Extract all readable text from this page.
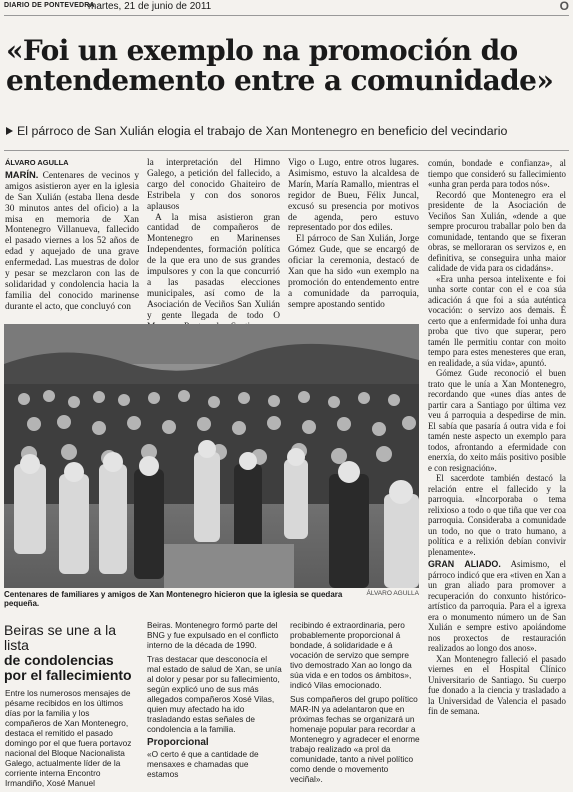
DIARIO DE PONTEVEDRA
martes, 21 de junio de 2011	O
«Foi un exemplo na promoción do entendemento entre a comunidade»
El párroco de San Xulián elogia el trabajo de Xan Montenegro en beneficio del vecindario
ÁLVARO AGULLA

MARÍN. Centenares de vecinos y amigos asistieron ayer en la iglesia de San Xulián (estaba llena desde 30 minutos antes del oficio) a la misa en memoria de Xan Montenegro Villanueva, fallecido el pasado viernes a los 52 años de edad y aquejado de una grave enfermedad. Las muestras de dolor y pesar se mezclaron con las de solidaridad y condolencia hacia la familia del conocido marinense durante el acto, que concluyó con

la interpretación del Himno Galego, a petición del fallecido, a cargo del conocido Ghaiteiro de Estribela y con dos sonoros aplausos

A la misa asistieron gran cantidad de compañeros de Montenegro en Marinenses Independentes, formación política de la que era uno de sus grandes impulsores y con la que concurrió a las pasadas elecciones municipales, así como de la Asociación de Veciños San Xulián y gente llegada de todo O

Vigo o Lugo, entre otros lugares. Asimismo, estuvo la alcaldesa de Marín, María Ramallo, mientras el regidor de Bueu, Félix Juncal, excusó su presencia por motivos de agenda, pero estuvo representado por dos ediles.

El párroco de San Xulián, Jorge Gómez Gude, que se encargó de oficiar la ceremonia, destacó de Xan que ha sido «un exemplo na promoción do entendemento entre a comunidade da parroquia, sempre apostando sentido

común, bondade e confianza», al tiempo que consideró su fallecimiento «unha gran perda para todos nós».

Recordó que Montenegro era el presidente de la Asociación de Veciños San Xulián, «dende a que sempre procurou traballar polo ben da comunidade, tentando que se fixeran obras, se melloraran os servizos e, en definitiva, se conseguira unha maior calidade de vida para os cidadáns».

«Era unha persoa intelixente e foi unha sorte contar con el e coa súa adicación á que foi a súa auténtica vocación: o servizo aos demais. É certo que a enfermidade foi unha dura proba que tivo que superar, pero tamén lle permitiu contar con moito tempo para estes menesteres que eran, en realidade, a súa vida», apuntó.

Gómez Gude reconoció el buen trato que le unía a Xan Montenegro, recordando que «unes días antes de partir cara a Santiago por última vez veu á parroquia a despedirse de min. El sabía que pasaría á outra vida e foi tamén neste aspecto un exemplo para todos, afrontando a efermidade con enerxía, do xeito máis positivo posible e con resignación».

El sacerdote también destacó la relación entre el fallecido y la parroquia. «Incorporaba o tema relixioso a todo o que tiña que ver coa parroquia. Consideraba a comunidade un todo, no que o trato humano, a política e a relixión debían convivir plenamente».

GRAN ALIADO. Asimismo, el párroco indicó que era «tiven en Xan a un gran aliado para promover a recuperación do conxunto histórico-artístico da parroquia. Para el a igrexa era o monumento número un de San Xulián e sempre estivo apoiándome nos proxectos de restauración realizados ao longo dos anos».

Xan Montenegro falleció el pasado viernes en el Hospital Clínico Universitario de Santiago. Su cuerpo fue donado a la ciencia y trasladado a la Universidad de Valencia el pasado fin de semana.

ÁLVARO AGULLA
Centenares de familiares y amigos de Xan Montenegro hicieron que la iglesia se quedara pequeña.
Beiras se une a la lista
de condolencias por el fallecimiento

Entre los numerosos mensajes de pésame recibidos en los últimos días por la familia y los compañeros de Xan Montenegro, destaca el remitido el pasado domingo por el que fuera portavoz nacional del Bloque Nacionalista Galego, actualmente líder de la corriente interna Encontro Irmandiño, Xosé Manuel

Beiras. Montenegro formó parte del BNG y fue expulsado en el conflicto interno de la década de 1990.

Tras destacar que desconocía el mal estado de salud de Xan, se unía al dolor y pesar por su fallecimiento, según explicó uno de sus más allegados compañeros Xosé Vilas, quien muy afectado ha ido trasladando estas señales de condolencia a la familia.

Proporcional

«O certo é que a cantidade de mensaxes e chamadas que estamos

recibindo é extraordinaria, pero probablemente proporcional á bondade, á solidaridade e á vocación de servizo que sempre tivo demostrado Xan ao longo da súa vida e en todos os ámbitos», indicó Vilas emocionado.

Sus compañeros del grupo político MAR-IN ya adelantaron que en próximas fechas se organizará un homenaje popular para recordar a Montenegro y agradecer el enorme trabajo realizado «a prol da comunidade, tanto a nivel político como dende o movemento veciñal».
